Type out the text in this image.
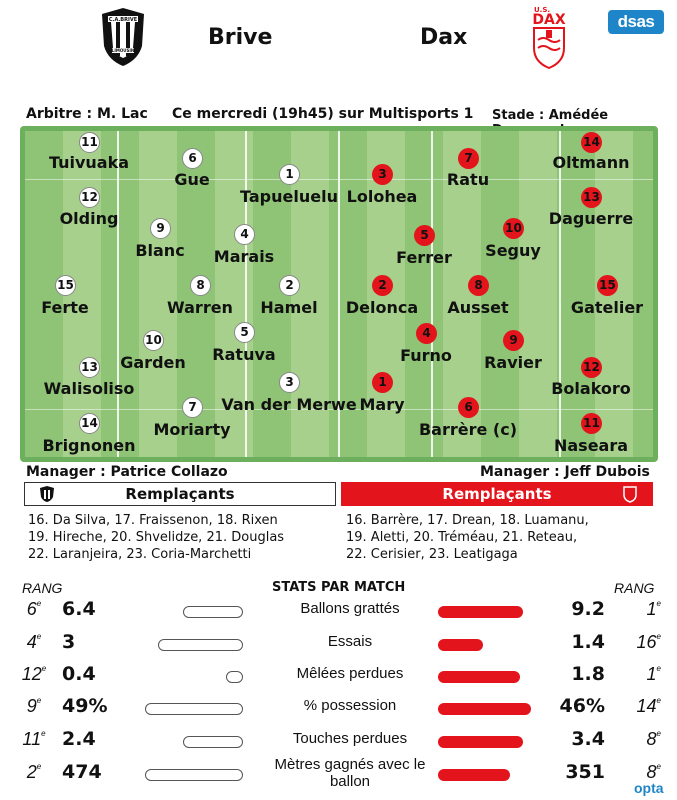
C.A.BRIVE
LIMOUSIN
Brive	Dax
U.S.
DAX	dsas
Arbitre : M. Lac Ce mercredi (19h45) sur Multisports 1 Stade : Amédée
11
Tuivuaka	6
Gue	1
Tapueluelu
12
Olding	9
Blanc
4
Marais
15
Ferte
8
Warren
2
Hamel
10
Garden
5
Ratuva
13
Walisoliso	3
Van der Merwe
7
Moriarty
14
Brignonen
14
Oltmann
3
Lolohea
7
Ratu
13
Daguerre
5
Ferrer
10
Seguy
2
Delonca
8
Ausset
15
Gatelier
4
Furno
9
Ravier	12
Bolakoro
1
Mary	6
Barrère (c)	11
Naseara
Manager : Patrice Collazo	Manager : Jeff Dubois
Remplaçants	Remplaçants
16. Da Silva, 17. Fraissenon, 18. Rixen
19. Hireche, 20. Shvelidze, 21. Douglas
22. Laranjeira, 23. Coria-Marchetti
16. Barrère, 17. Drean, 18. Luamanu,
19. Aletti, 20. Tréméau, 21. Reteau,
22. Cerisier, 23. Leatigaga
RANG	STATS PAR MATCH	RANG
6e 6.4	Ballons grattés	9.2 1e
4e 3	Essais	1.4 16e
12e 0.4	Mêlées perdues	1.8 1e
9e 49%	% possession	46% 14e
11e 2.4	Touches perdues	3.4 8e
2e 474	Mètres gagnés avec le ballon	351 8e
opta
